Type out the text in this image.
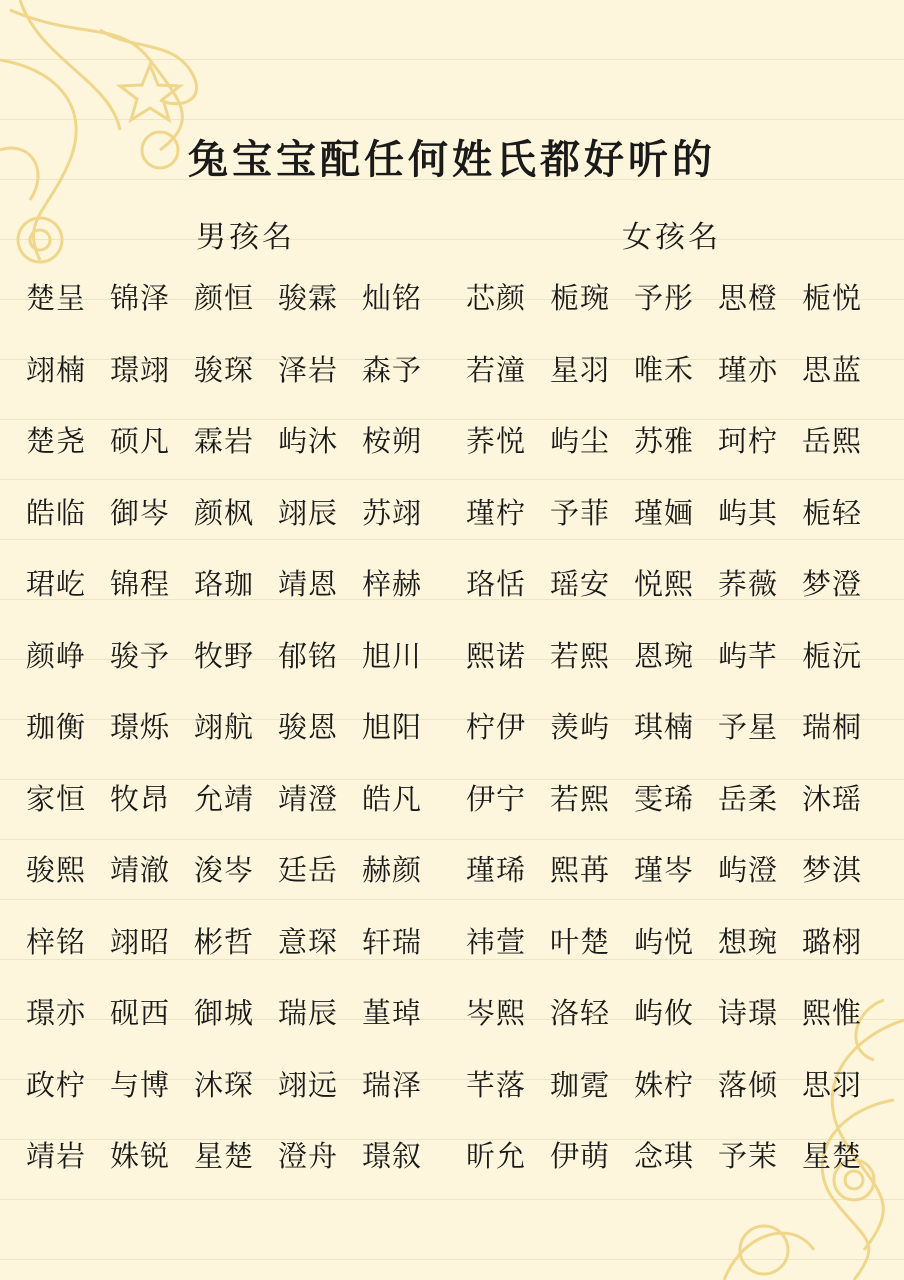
兔宝宝配任何姓氏都好听的
男孩名	女孩名
楚呈 锦泽 颜恒 骏霖 灿铭
翊楠 璟翊 骏琛 泽岩 森予
楚尧 硕凡 霖岩 屿沐 桉朔
皓临 御岑 颜枫 翊辰 苏翊
珺屹 锦程 珞珈 靖恩 梓赫
颜峥 骏予 牧野 郁铭 旭川
珈衡 璟烁 翊航 骏恩 旭阳
家恒 牧昂 允靖 靖澄 皓凡
骏熙 靖澈 浚岑 廷岳 赫颜
梓铭 翊昭 彬哲 意琛 轩瑞
璟亦 砚西 御城 瑞辰 堇琸
政柠 与博 沐琛 翊远 瑞泽
靖岩 姝锐 星楚 澄舟 璟叙
芯颜 栀琬 予彤 思橙 栀悦
若潼 星羽 唯禾 瑾亦 思蓝
荞悦 屿尘 苏雅 珂柠 岳熙
瑾柠 予菲 瑾婳 屿其 栀轻
珞恬 瑶安 悦熙 荞薇 梦澄
熙诺 若熙 恩琬 屿芊 栀沅
柠伊 羡屿 琪楠 予星 瑞桐
伊宁 若熙 雯琋 岳柔 沐瑶
瑾琋 熙苒 瑾岑 屿澄 梦淇
祎萱 叶楚 屿悦 想琬 璐栩
岑熙 洛轻 屿攸 诗璟 熙惟
芊落 珈霓 姝柠 落倾 思羽
昕允 伊萌 念琪 予茉 星楚
